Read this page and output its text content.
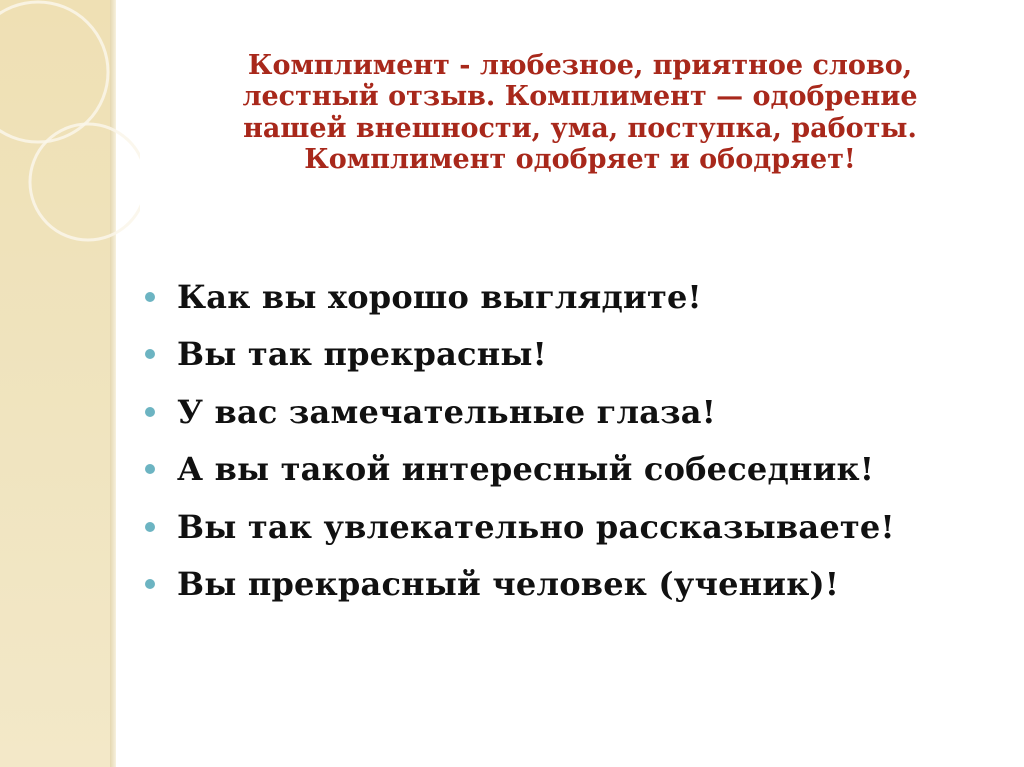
Комплимент - любезное, приятное слово,
лестный отзыв. Комплимент — одобрение
нашей внешности, ума, поступка, работы.
Комплимент одобряет и ободряет!
Как вы хорошо выглядите!
Вы так прекрасны!
У вас замечательные глаза!
А вы такой интересный собеседник!
Вы так увлекательно рассказываете!
Вы прекрасный человек (ученик)!
